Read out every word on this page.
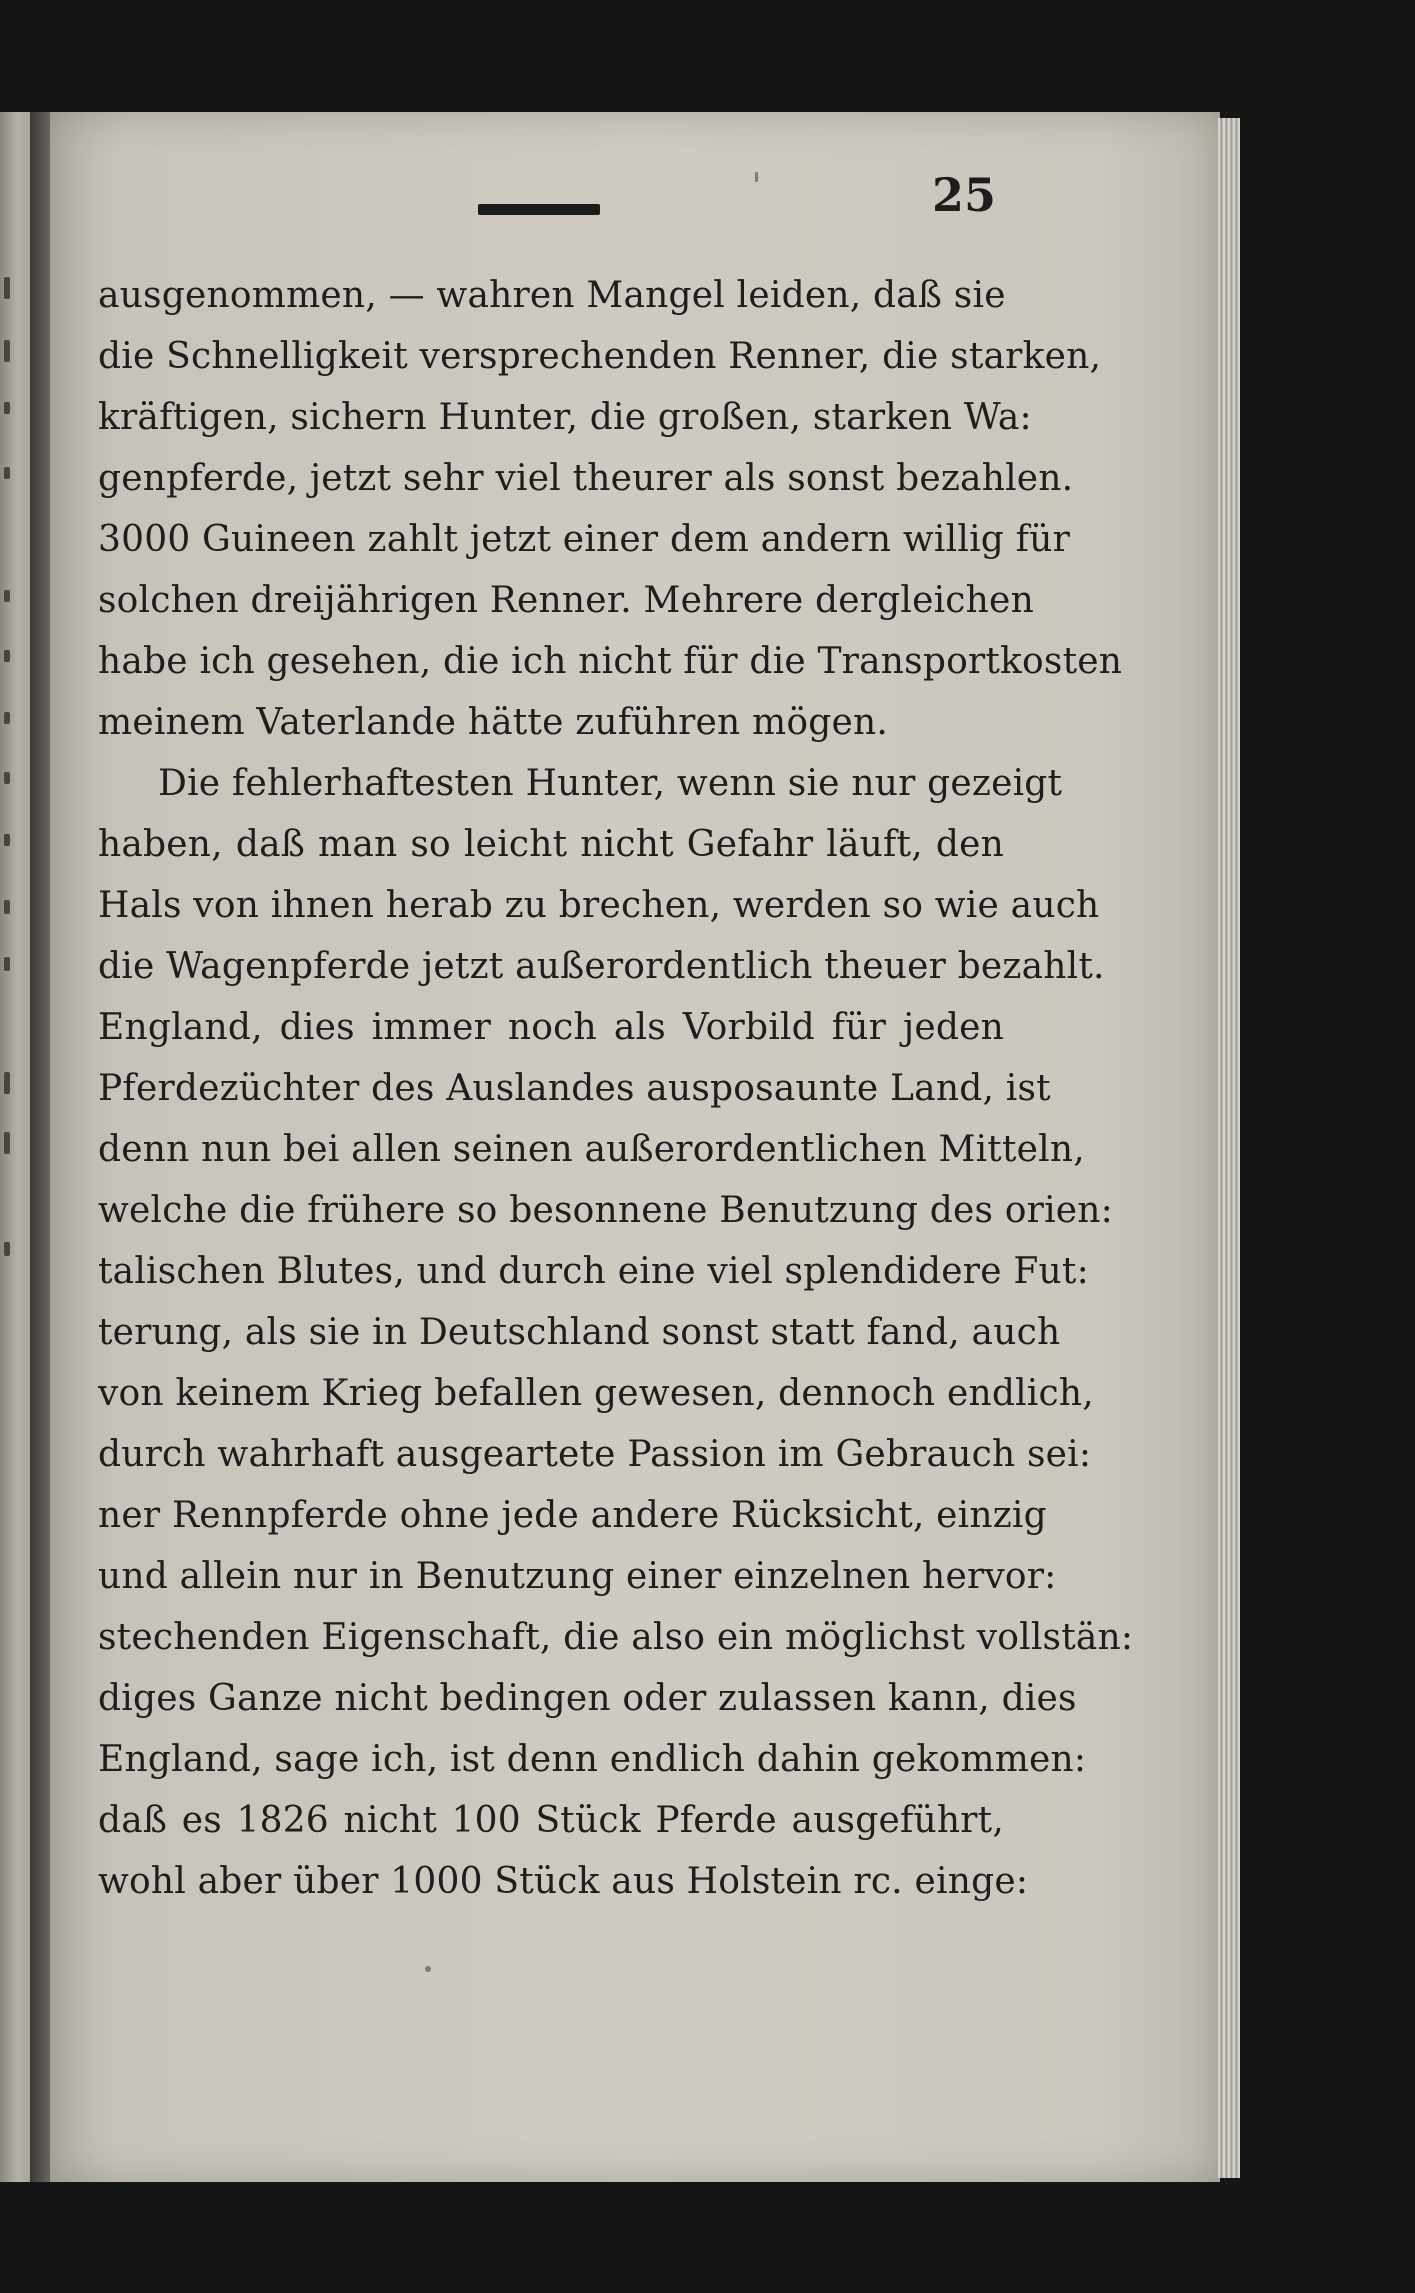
25
ausgenommen, — wahren Mangel leiden, daß sie
die Schnelligkeit versprechenden Renner, die starken,
kräftigen, sichern Hunter, die großen, starken Wa:
genpferde, jetzt sehr viel theurer als sonst bezahlen.
3000 Guineen zahlt jetzt einer dem andern willig für
solchen dreijährigen Renner. Mehrere dergleichen
habe ich gesehen, die ich nicht für die Transportkosten
meinem Vaterlande hätte zuführen mögen.
Die fehlerhaftesten Hunter, wenn sie nur gezeigt
haben, daß man so leicht nicht Gefahr läuft, den
Hals von ihnen herab zu brechen, werden so wie auch
die Wagenpferde jetzt außerordentlich theuer bezahlt.
England, dies immer noch als Vorbild für jeden
Pferdezüchter des Auslandes ausposaunte Land, ist
denn nun bei allen seinen außerordentlichen Mitteln,
welche die frühere so besonnene Benutzung des orien:
talischen Blutes, und durch eine viel splendidere Fut:
terung, als sie in Deutschland sonst statt fand, auch
von keinem Krieg befallen gewesen, dennoch endlich,
durch wahrhaft ausgeartete Passion im Gebrauch sei:
ner Rennpferde ohne jede andere Rücksicht, einzig
und allein nur in Benutzung einer einzelnen hervor:
stechenden Eigenschaft, die also ein möglichst vollstän:
diges Ganze nicht bedingen oder zulassen kann, dies
England, sage ich, ist denn endlich dahin gekommen:
daß es 1826 nicht 100 Stück Pferde ausgeführt,
wohl aber über 1000 Stück aus Holstein rc. einge:
